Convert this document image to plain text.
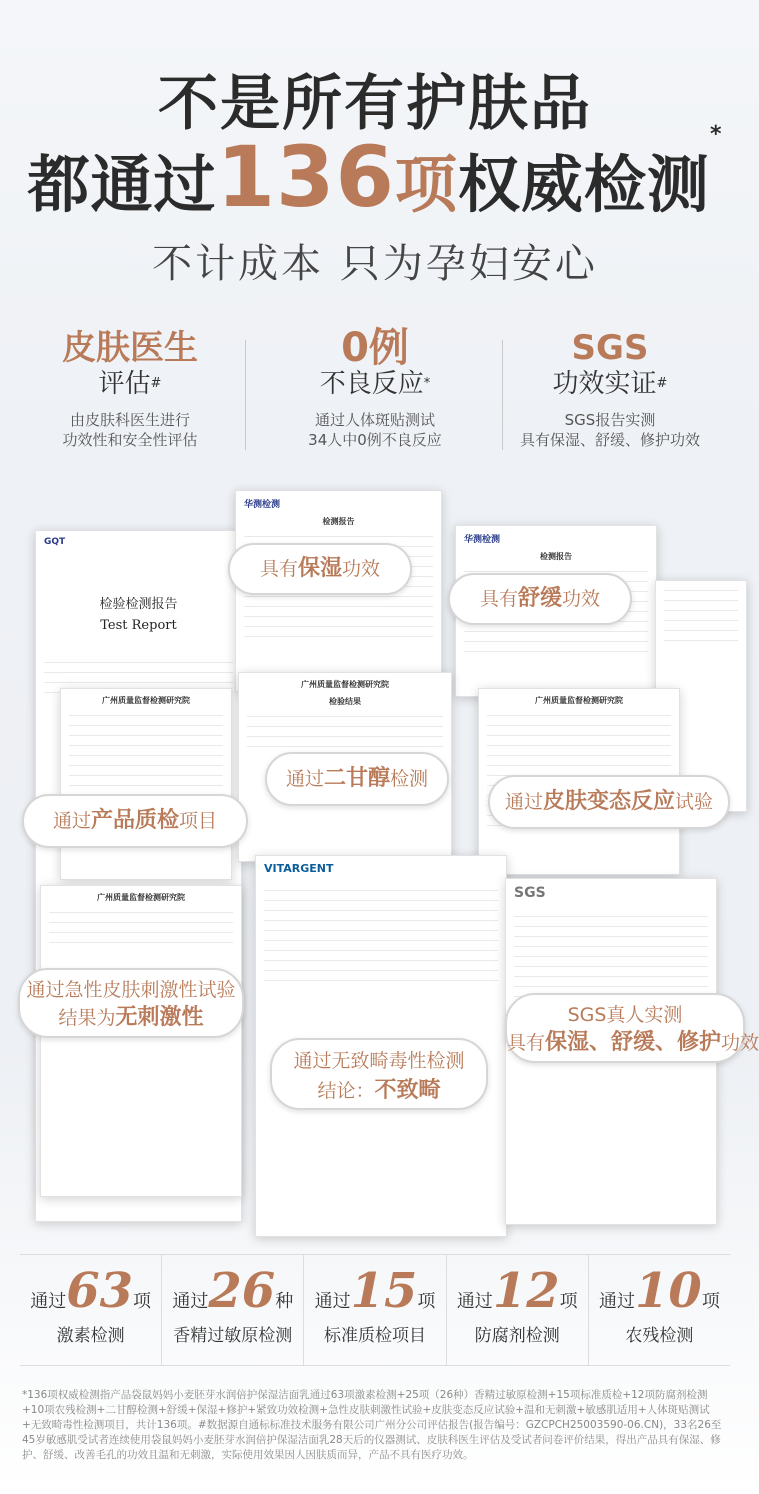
不是所有护肤品
都通过136项权威检测*
不计成本 只为孕妇安心
皮肤医生
评估#
由皮肤科医生进行
功效性和安全性评估
0例
不良反应*
通过人体斑贴测试
34人中0例不良反应
SGS
功效实证#
SGS报告实测
具有保湿、舒缓、修护功效
GQT
检验检测报告
Test Report
华测检测
检测报告
华测检测
检测报告
广州质量监督检测研究院
广州质量监督检测研究院
检验结果	广州质量监督检测研究院
广州质量监督检测研究院
VITARGENT
SGS
具有保湿功效
具有舒缓功效
通过二甘醇检测
通过产品质检项目
通过皮肤变态反应试验
通过急性皮肤刺激性试验
结果为无刺激性	SGS真人实测
具有保湿、舒缓、修护功效
通过无致畸毒性检测
结论：不致畸
通过63项
激素检测
通过26种
香精过敏原检测
通过15项
标准质检项目
通过12项
防腐剂检测
通过10项
农残检测
*136项权威检测指产品袋鼠妈妈小麦胚芽水润倍护保湿洁面乳通过63项激素检测+25项（26种）香精过敏原检测+15项标准质检+12项防腐剂检测+10项农残检测+二甘醇检测+舒缓+保湿+修护+紧致功效检测+急性皮肤刺激性试验+皮肤变态反应试验+温和无刺激+敏感肌适用+人体斑贴测试+无致畸毒性检测项目，共计136项。#数据源自通标标准技术服务有限公司广州分公司评估报告(报告编号：GZCPCH25003590-06.CN)，33名26至45岁敏感肌受试者连续使用袋鼠妈妈小麦胚芽水润倍护保湿洁面乳28天后的仪器测试、皮肤科医生评估及受试者问卷评价结果，得出产品具有保湿、修护、舒缓、改善毛孔的功效且温和无刺激，实际使用效果因人因肤质而异，产品不具有医疗功效。
